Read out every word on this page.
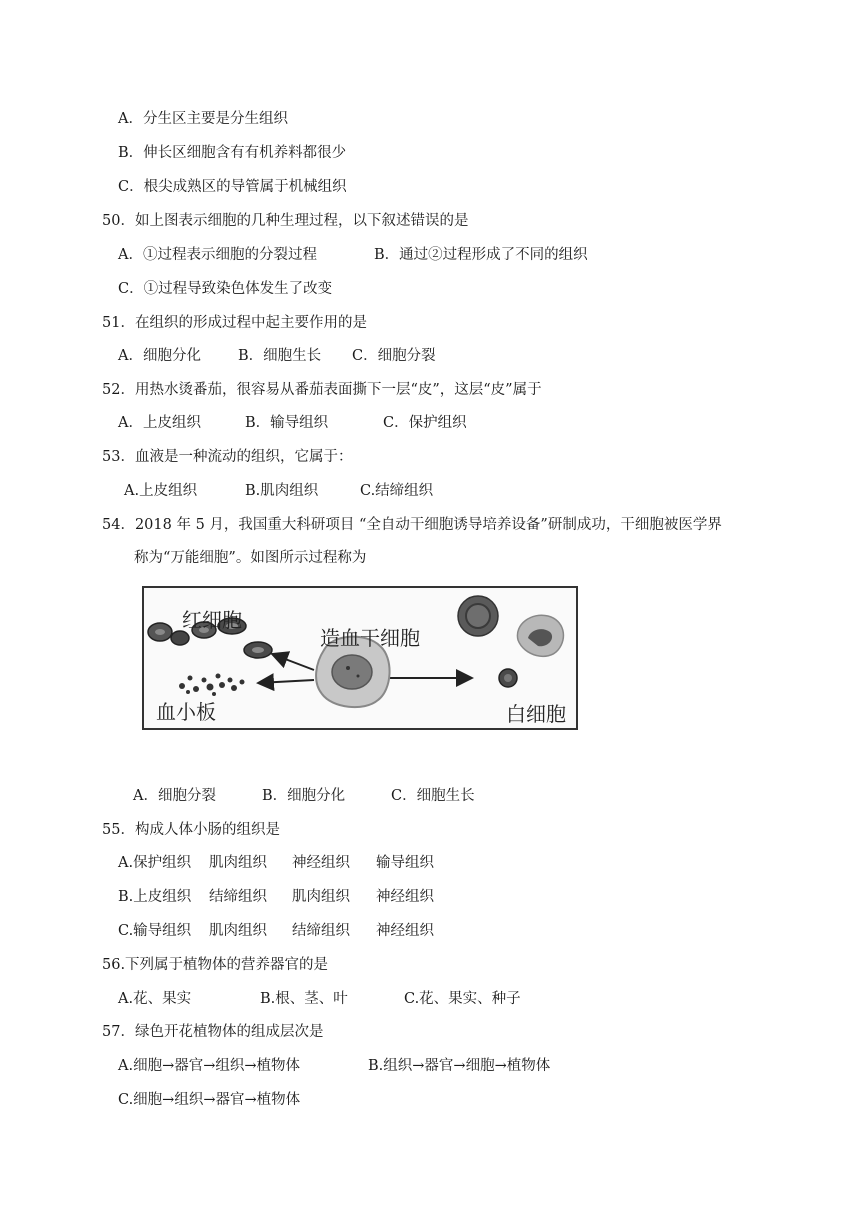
A．分生区主要是分生组织
B．伸长区细胞含有有机养料都很少
C．根尖成熟区的导管属于机械组织
50．如上图表示细胞的几种生理过程，以下叙述错误的是
A．①过程表示细胞的分裂过程	B．通过②过程形成了不同的组织
C．①过程导致染色体发生了改变
51．在组织的形成过程中起主要作用的是
A．细胞分化	B．细胞生长 C．细胞分裂
52．用热水烫番茄，很容易从番茄表面撕下一层“皮”，这层“皮”属于
A．上皮组织	B．输导组织	C．保护组织
53．血液是一种流动的组织，它属于：
A.上皮组织	B.肌肉组织	C.结缔组织
54．2018 年 5 月，我国重大科研项目 “全自动干细胞诱导培养设备”研制成功，干细胞被医学界
称为“万能细胞”。如图所示过程称为
红细胞
造血干细胞
血小板	白细胞
A．细胞分裂	B．细胞分化	C．细胞生长
55．构成人体小肠的组织是
A.保护组织 肌肉组织 神经组织 输导组织
B.上皮组织 结缔组织 肌肉组织 神经组织
C.输导组织 肌肉组织 结缔组织 神经组织
56.下列属于植物体的营养器官的是
A.花、果实	B.根、茎、叶	C.花、果实、种子
57．绿色开花植物体的组成层次是
A.细胞→器官→组织→植物体	B.组织→器官→细胞→植物体
C.细胞→组织→器官→植物体
